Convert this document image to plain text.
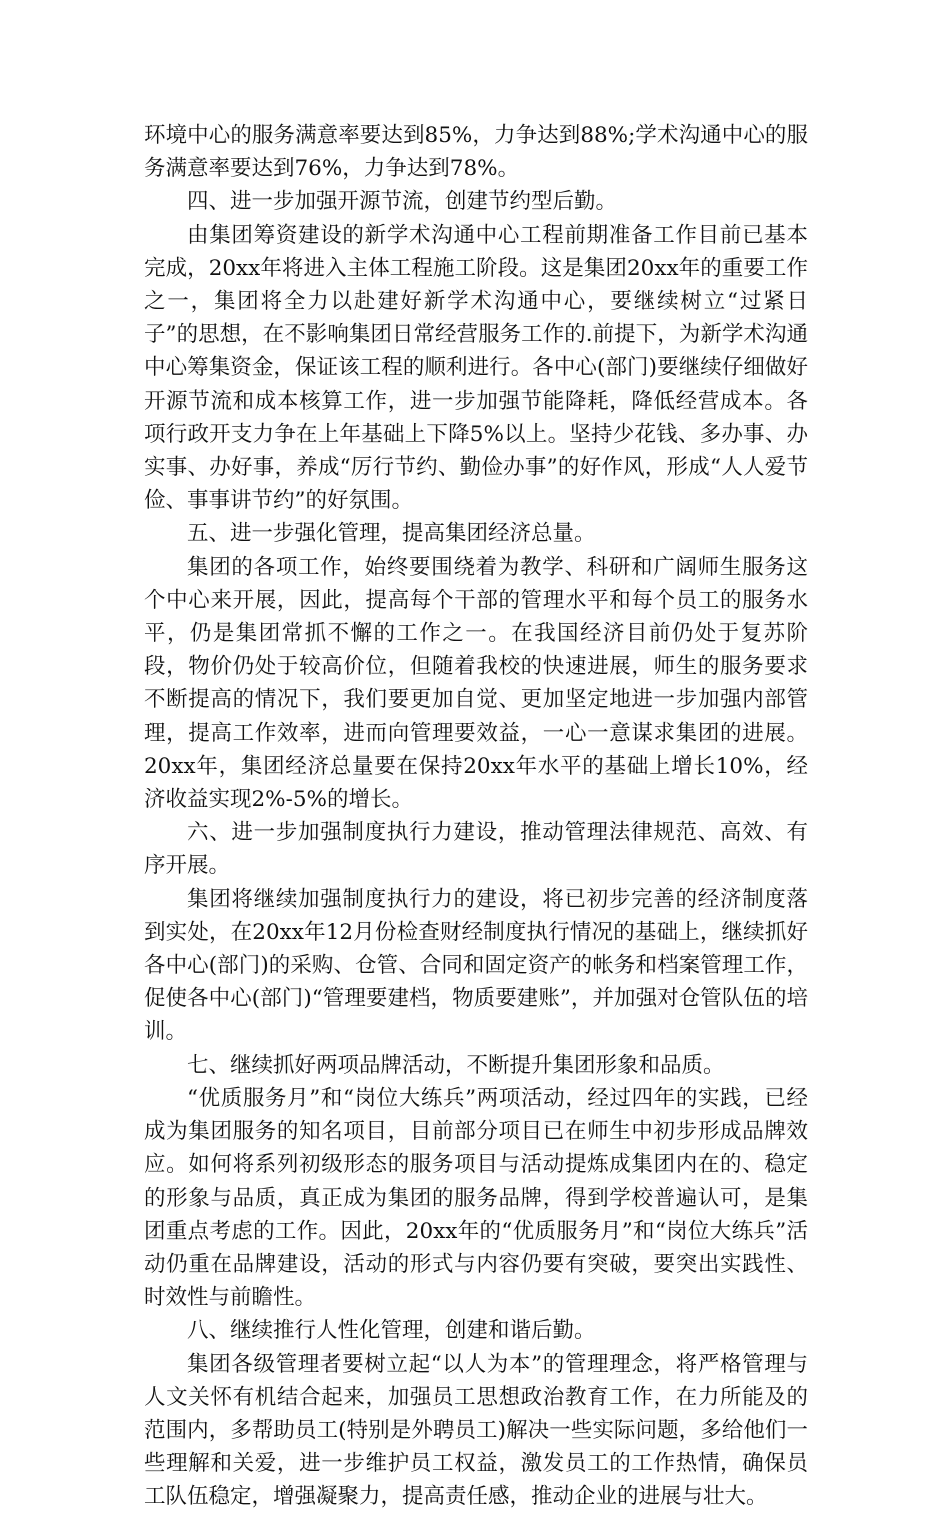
环境中心的服务满意率要达到85%，力争达到88%;学术沟通中心的服务满意率要达到76%，力争达到78%。

四、进一步加强开源节流，创建节约型后勤。

由集团筹资建设的新学术沟通中心工程前期准备工作目前已基本完成，20xx年将进入主体工程施工阶段。这是集团20xx年的重要工作之一，集团将全力以赴建好新学术沟通中心，要继续树立“过紧日子”的思想，在不影响集团日常经营服务工作的.前提下，为新学术沟通中心筹集资金，保证该工程的顺利进行。各中心(部门)要继续仔细做好开源节流和成本核算工作，进一步加强节能降耗，降低经营成本。各项行政开支力争在上年基础上下降5%以上。坚持少花钱、多办事、办实事、办好事，养成“厉行节约、勤俭办事”的好作风，形成“人人爱节俭、事事讲节约”的好氛围。

五、进一步强化管理，提高集团经济总量。

集团的各项工作，始终要围绕着为教学、科研和广阔师生服务这个中心来开展，因此，提高每个干部的管理水平和每个员工的服务水平，仍是集团常抓不懈的工作之一。在我国经济目前仍处于复苏阶段，物价仍处于较高价位，但随着我校的快速进展，师生的服务要求不断提高的情况下，我们要更加自觉、更加坚定地进一步加强内部管理，提高工作效率，进而向管理要效益，一心一意谋求集团的进展。20xx年，集团经济总量要在保持20xx年水平的基础上增长10%，经济收益实现2%-5%的增长。

六、进一步加强制度执行力建设，推动管理法律规范、高效、有序开展。

集团将继续加强制度执行力的建设，将已初步完善的经济制度落到实处，在20xx年12月份检查财经制度执行情况的基础上，继续抓好各中心(部门)的采购、仓管、合同和固定资产的帐务和档案管理工作，促使各中心(部门)“管理要建档，物质要建账”，并加强对仓管队伍的培训。

七、继续抓好两项品牌活动，不断提升集团形象和品质。

“优质服务月”和“岗位大练兵”两项活动，经过四年的实践，已经成为集团服务的知名项目，目前部分项目已在师生中初步形成品牌效应。如何将系列初级形态的服务项目与活动提炼成集团内在的、稳定的形象与品质，真正成为集团的服务品牌，得到学校普遍认可，是集团重点考虑的工作。因此，20xx年的“优质服务月”和“岗位大练兵”活动仍重在品牌建设，活动的形式与内容仍要有突破，要突出实践性、时效性与前瞻性。

八、继续推行人性化管理，创建和谐后勤。

集团各级管理者要树立起“以人为本”的管理理念，将严格管理与人文关怀有机结合起来，加强员工思想政治教育工作，在力所能及的范围内，多帮助员工(特别是外聘员工)解决一些实际问题，多给他们一些理解和关爱，进一步维护员工权益，激发员工的工作热情，确保员工队伍稳定，增强凝聚力，提高责任感，推动企业的进展与壮大。
